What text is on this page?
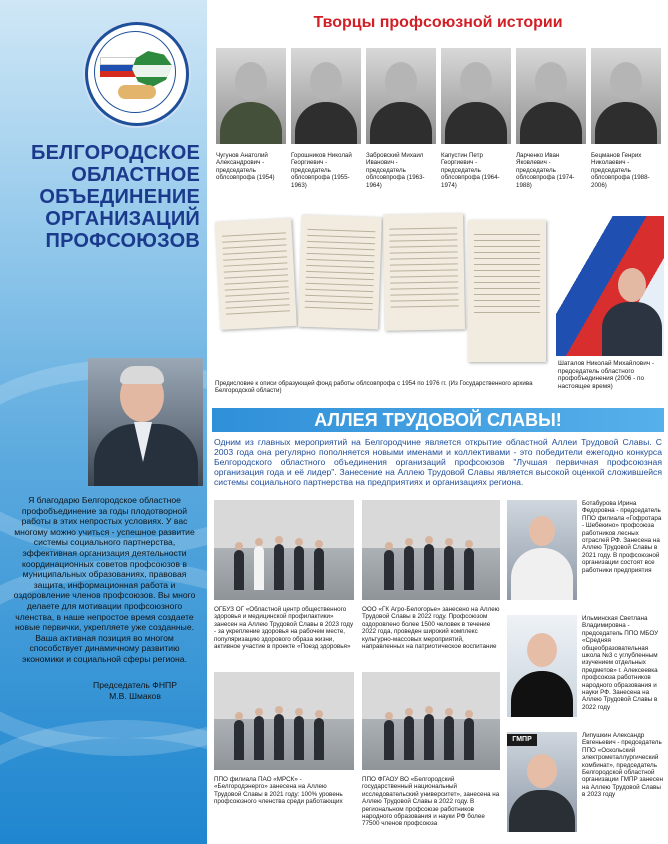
БЕЛГОРОДСКОЕ
ОБЛАСТНОЕ
ОБЪЕДИНЕНИЕ
ОРГАНИЗАЦИЙ
ПРОФСОЮЗОВ
Я благодарю Белгородское областное профобъединение за годы плодотворной работы в этих непростых условиях. У вас многому можно учиться - успешное развитие системы социального партнерства, эффективная организация деятельности координационных советов профсоюзов в муниципальных образованиях, правовая защита, информационная работа и оздоровление членов профсоюзов. Вы много делаете для мотивации профсоюзного членства, в наше непростое время создаете новые первички, укрепляете уже созданные. Ваша активная позиция во многом способствует динамичному развитию экономики и социальной сферы региона.
Председатель ФНПР
М.В. Шмаков
Творцы профсоюзной истории
Чугунов Анатолий Александрович - председатель облсовпрофа (1954)
Горошников Николай Георгиевич - председатель облсовпрофа (1955-1963)
Забровский Михаил Иванович - председатель облсовпрофа (1963-1964)
Капустин Петр Георгиевич - председатель облсовпрофа (1964-1974)
Ларченко Иван Яковлевич - председатель облсовпрофа (1974-1988)
Бецманов Генрих Николаевич - председатель облсовпрофа (1988-2006)
Предисловие к описи образующей фонд работы облсовпрофа с 1954 по 1976 гг. (Из Государственного архива Белгородской области)
Шаталов Николай Михайлович - председатель областного профобъединения (2006 - по настоящее время)
АЛЛЕЯ ТРУДОВОЙ СЛАВЫ!
Одним из главных мероприятий на Белгородчине является открытие областной Аллеи Трудовой Славы. С 2003 года она регулярно пополняется новыми именами и коллективами - это победители ежегодно конкурса Белгородского областного объединения организаций профсоюзов "Лучшая первичная профсоюзная организация года и её лидер". Занесение на Аллею Трудовой Славы является высокой оценкой сложившейся системы социального партнерства на предприятиях и организациях региона.
ОГБУЗ ОГ «Областной центр общественного здоровья и медицинской профилактики» занесен на Аллею Трудовой Славы в 2023 году - за укрепление здоровья на рабочем месте, популяризацию здорового образа жизни, активное участие в проекте «Поезд здоровья»
ООО «ГК Агро-Белогорье» занесено на Аллею Трудовой Славы в 2022 году. Профсоюзом оздоровлено более 1500 человек в течение 2022 года, проведен широкий комплекс культурно-массовых мероприятий, направленных на патриотическое воспитание
ППО филиала ПАО «МРСК» - «Белгородэнерго» занесена на Аллею Трудовой Славы в 2021 году: 100% уровень профсоюзного членства среди работающих
ППО ФГАОУ ВО «Белгородский государственный национальный исследовательский университет», занесена на Аллею Трудовой Славы в 2022 году. В региональном профсоюзе работников народного образования и науки РФ более 77500 членов профсоюза
Ботабурова Ирина Федоровна - председатель ППО филиала «Гофротара - Шебекино» профсоюза работников лесных отраслей РФ. Занесена на Аллею Трудовой Славы в 2021 году. В профсоюзной организации состоят все работники предприятия
Ильминская Светлана Владимировна - председатель ППО МБОУ «Средняя общеобразовательная школа №3 с углубленным изучением отдельных предметов» г. Алексеевка профсоюза работников народного образования и науки РФ. Занесена на Аллею Трудовой Славы в 2022 году
ГМПР
Липушкин Александр Евгеньевич - председатель ППО «Оскольский электрометаллургический комбинат», председатель Белгородской областной организации ГМПР занесен на Аллею Трудовой Славы в 2023 году
